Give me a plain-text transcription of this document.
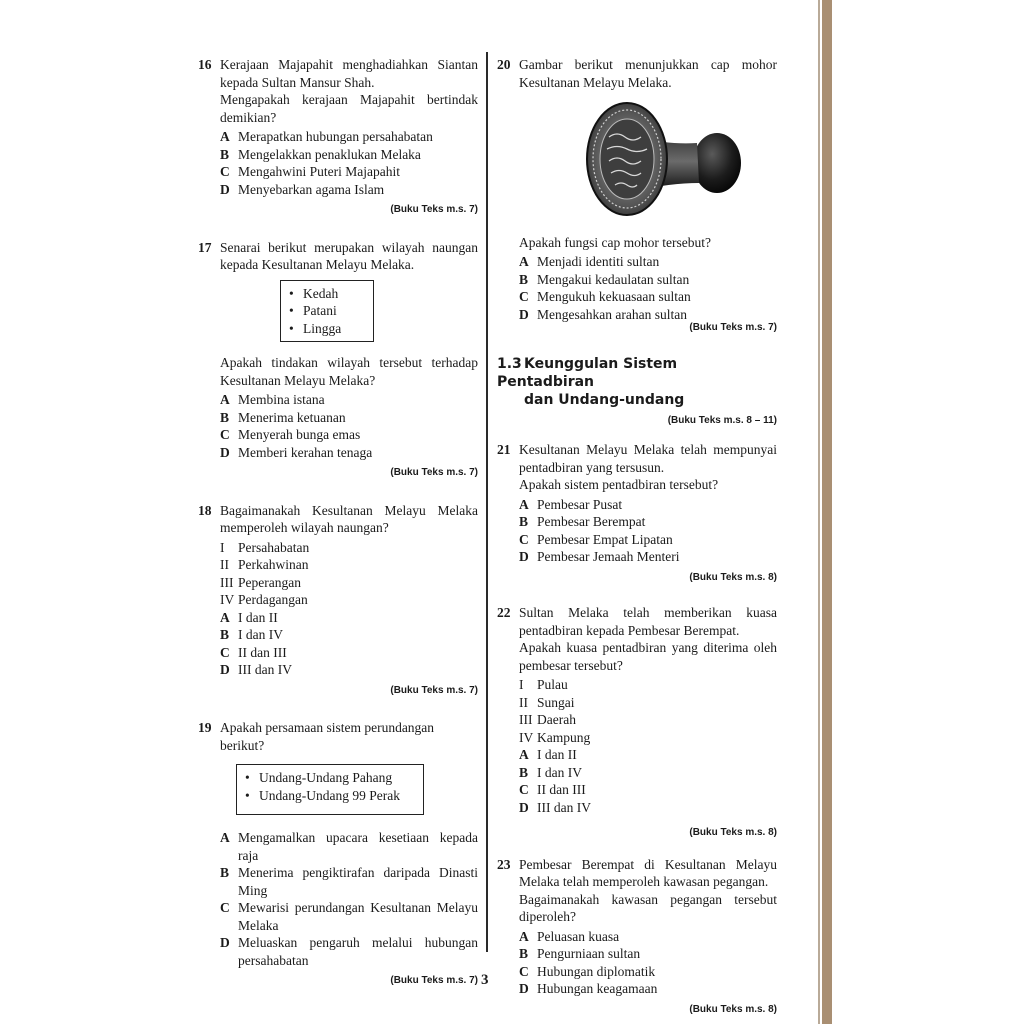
16 Kerajaan Majapahit menghadiahkan Siantan kepada Sultan Mansur Shah.

Mengapakah kerajaan Majapahit bertindak demikian?

A Merapatkan hubungan persahabatan
B Mengelakkan penaklukan Melaka
C Mengahwini Puteri Majapahit
D Menyebarkan agama Islam
(Buku Teks m.s. 7)
17 Senarai berikut merupakan wilayah naungan kepada Kesultanan Melayu Melaka.

• Kedah
• Patani
• Lingga

Apakah tindakan wilayah tersebut terhadap Kesultanan Melayu Melaka?

A Membina istana
B Menerima ketuanan
C Menyerah bunga emas
D Memberi kerahan tenaga
(Buku Teks m.s. 7)
18 Bagaimanakah Kesultanan Melayu Melaka memperoleh wilayah naungan?

I	Persahabatan
II Perkahwinan
III Peperangan
IV Perdagangan
A I dan II
B I dan IV
C II dan III
D III dan IV
(Buku Teks m.s. 7)
19 Apakah persamaan sistem perundangan berikut?

• Undang-Undang Pahang
• Undang-Undang 99 Perak
A Mengamalkan upacara kesetiaan kepada raja
B Menerima pengiktirafan daripada Dinasti Ming
C Mewarisi perundangan Kesultanan Melayu Melaka
D Meluaskan pengaruh melalui hubungan persahabatan
(Buku Teks m.s. 7)
20 Gambar berikut menunjukkan cap mohor Kesultanan Melayu Melaka.

Apakah fungsi cap mohor tersebut?

A Menjadi identiti sultan
B Mengakui kedaulatan sultan
C Mengukuh kekuasaan sultan
D Mengesahkan arahan sultan
(Buku Teks m.s. 7)
1.3 Keunggulan Sistem Pentadbiran
dan Undang-undang
(Buku Teks m.s. 8 – 11)
21 Kesultanan Melayu Melaka telah mempunyai pentadbiran yang tersusun.

Apakah sistem pentadbiran tersebut?

A Pembesar Pusat
B Pembesar Berempat
C Pembesar Empat Lipatan
D Pembesar Jemaah Menteri
(Buku Teks m.s. 8)
22 Sultan Melaka telah memberikan kuasa pentadbiran kepada Pembesar Berempat.

Apakah kuasa pentadbiran yang diterima oleh pembesar tersebut?

I	Pulau
II Sungai
III Daerah
IV Kampung
A I dan II
B I dan IV
C II dan III
D III dan IV
(Buku Teks m.s. 8)
23 Pembesar Berempat di Kesultanan Melayu Melaka telah memperoleh kawasan pegangan.

Bagaimanakah kawasan pegangan tersebut diperoleh?

A Peluasan kuasa
B Pengurniaan sultan
C Hubungan diplomatik
D Hubungan keagamaan
(Buku Teks m.s. 8)
3
